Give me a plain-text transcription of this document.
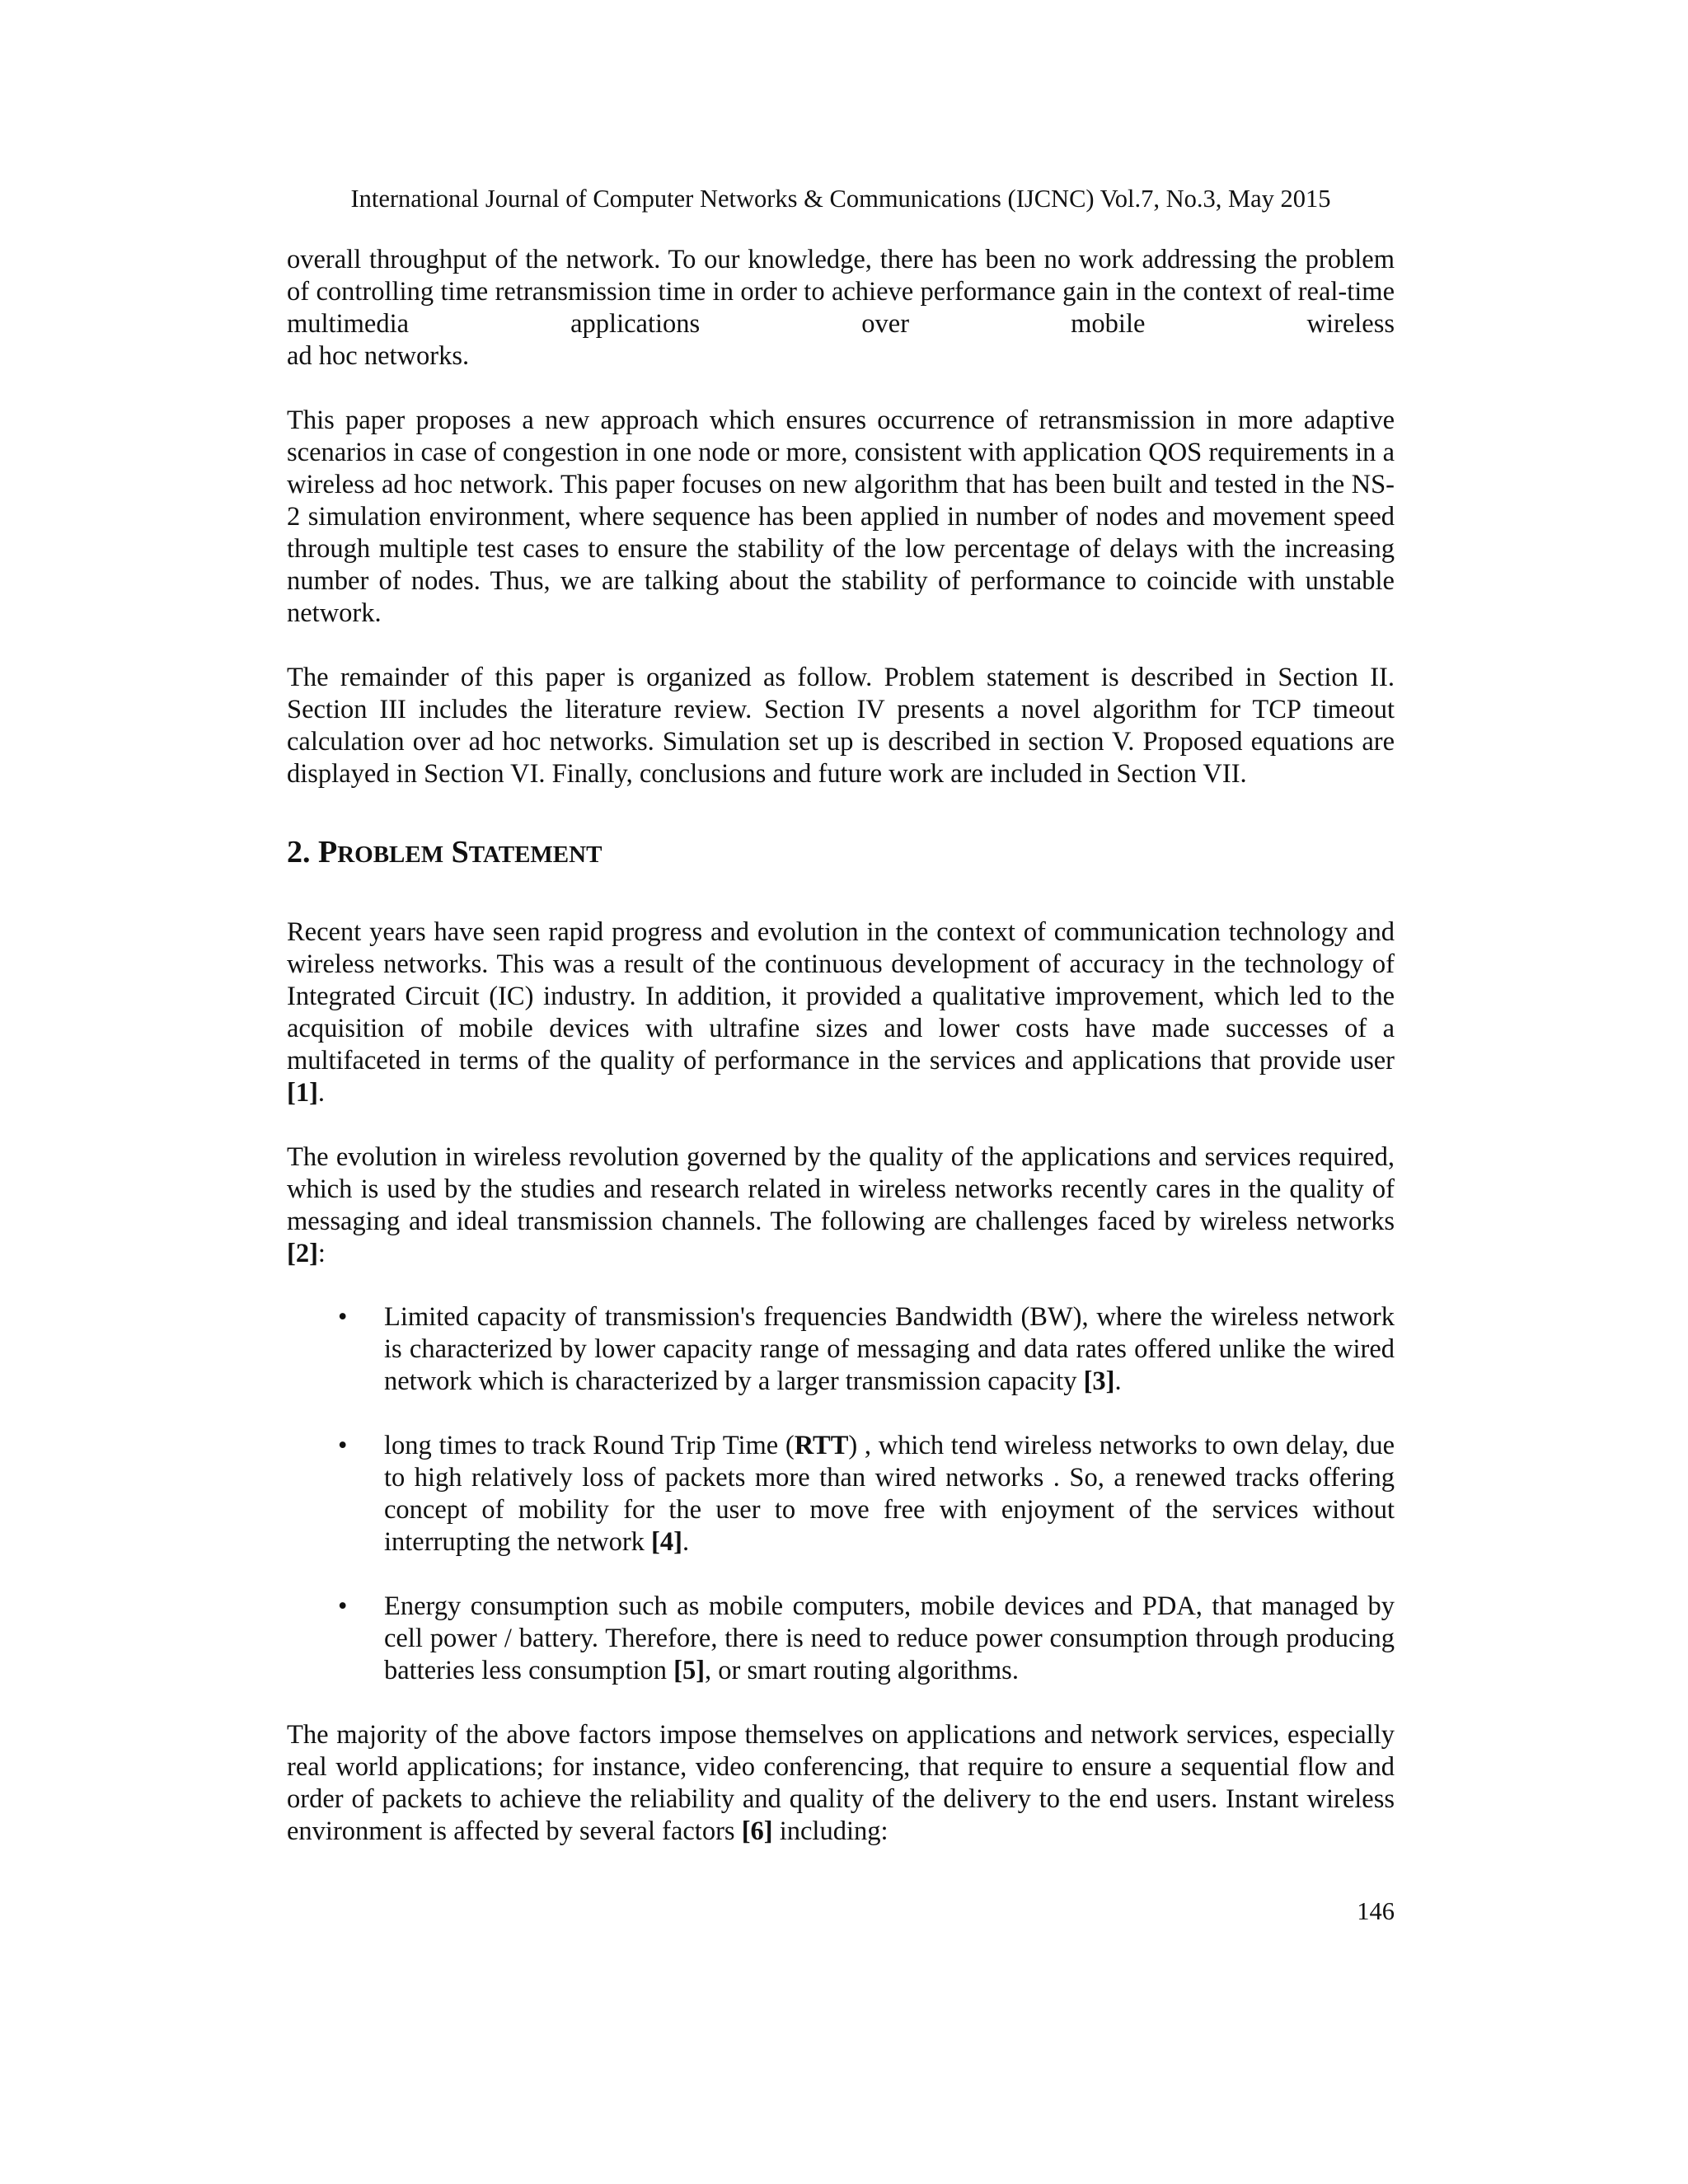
International Journal of Computer Networks & Communications (IJCNC) Vol.7, No.3, May 2015

overall throughput of the network. To our knowledge, there has been no work addressing the problem of controlling time retransmission time in order to achieve performance gain in the context of real-time multimedia applications over mobile wireless

ad hoc networks.

This paper proposes a new approach which ensures occurrence of retransmission in more adaptive scenarios in case of congestion in one node or more, consistent with application QOS requirements in a wireless ad hoc network. This paper focuses on new algorithm that has been built and tested in the NS-2 simulation environment, where sequence has been applied in number of nodes and movement speed through multiple test cases to ensure the stability of the low percentage of delays with the increasing number of nodes. Thus, we are talking about the stability of performance to coincide with unstable network.

The remainder of this paper is organized as follow. Problem statement is described in Section II. Section III includes the literature review. Section IV presents a novel algorithm for TCP timeout calculation over ad hoc networks. Simulation set up is described in section V. Proposed equations are displayed in Section VI. Finally, conclusions and future work are included in Section VII.

2. PROBLEM STATEMENT

Recent years have seen rapid progress and evolution in the context of communication technology and wireless networks. This was a result of the continuous development of accuracy in the technology of Integrated Circuit (IC) industry. In addition, it provided a qualitative improvement, which led to the acquisition of mobile devices with ultrafine sizes and lower costs have made successes of a multifaceted in terms of the quality of performance in the services and applications that provide user [1].

The evolution in wireless revolution governed by the quality of the applications and services required, which is used by the studies and research related in wireless networks recently cares in the quality of messaging and ideal transmission channels. The following are challenges faced by wireless networks [2]:

• Limited capacity of transmission's frequencies Bandwidth (BW), where the wireless network is characterized by lower capacity range of messaging and data rates offered unlike the wired network which is characterized by a larger transmission capacity [3].

• long times to track Round Trip Time (RTT) , which tend wireless networks to own delay, due to high relatively loss of packets more than wired networks . So, a renewed tracks offering concept of mobility for the user to move free with enjoyment of the services without interrupting the network [4].

• Energy consumption such as mobile computers, mobile devices and PDA, that managed by cell power / battery. Therefore, there is need to reduce power consumption through producing batteries less consumption [5], or smart routing algorithms.

The majority of the above factors impose themselves on applications and network services, especially real world applications; for instance, video conferencing, that require to ensure a sequential flow and order of packets to achieve the reliability and quality of the delivery to the end users. Instant wireless environment is affected by several factors [6] including:

146
